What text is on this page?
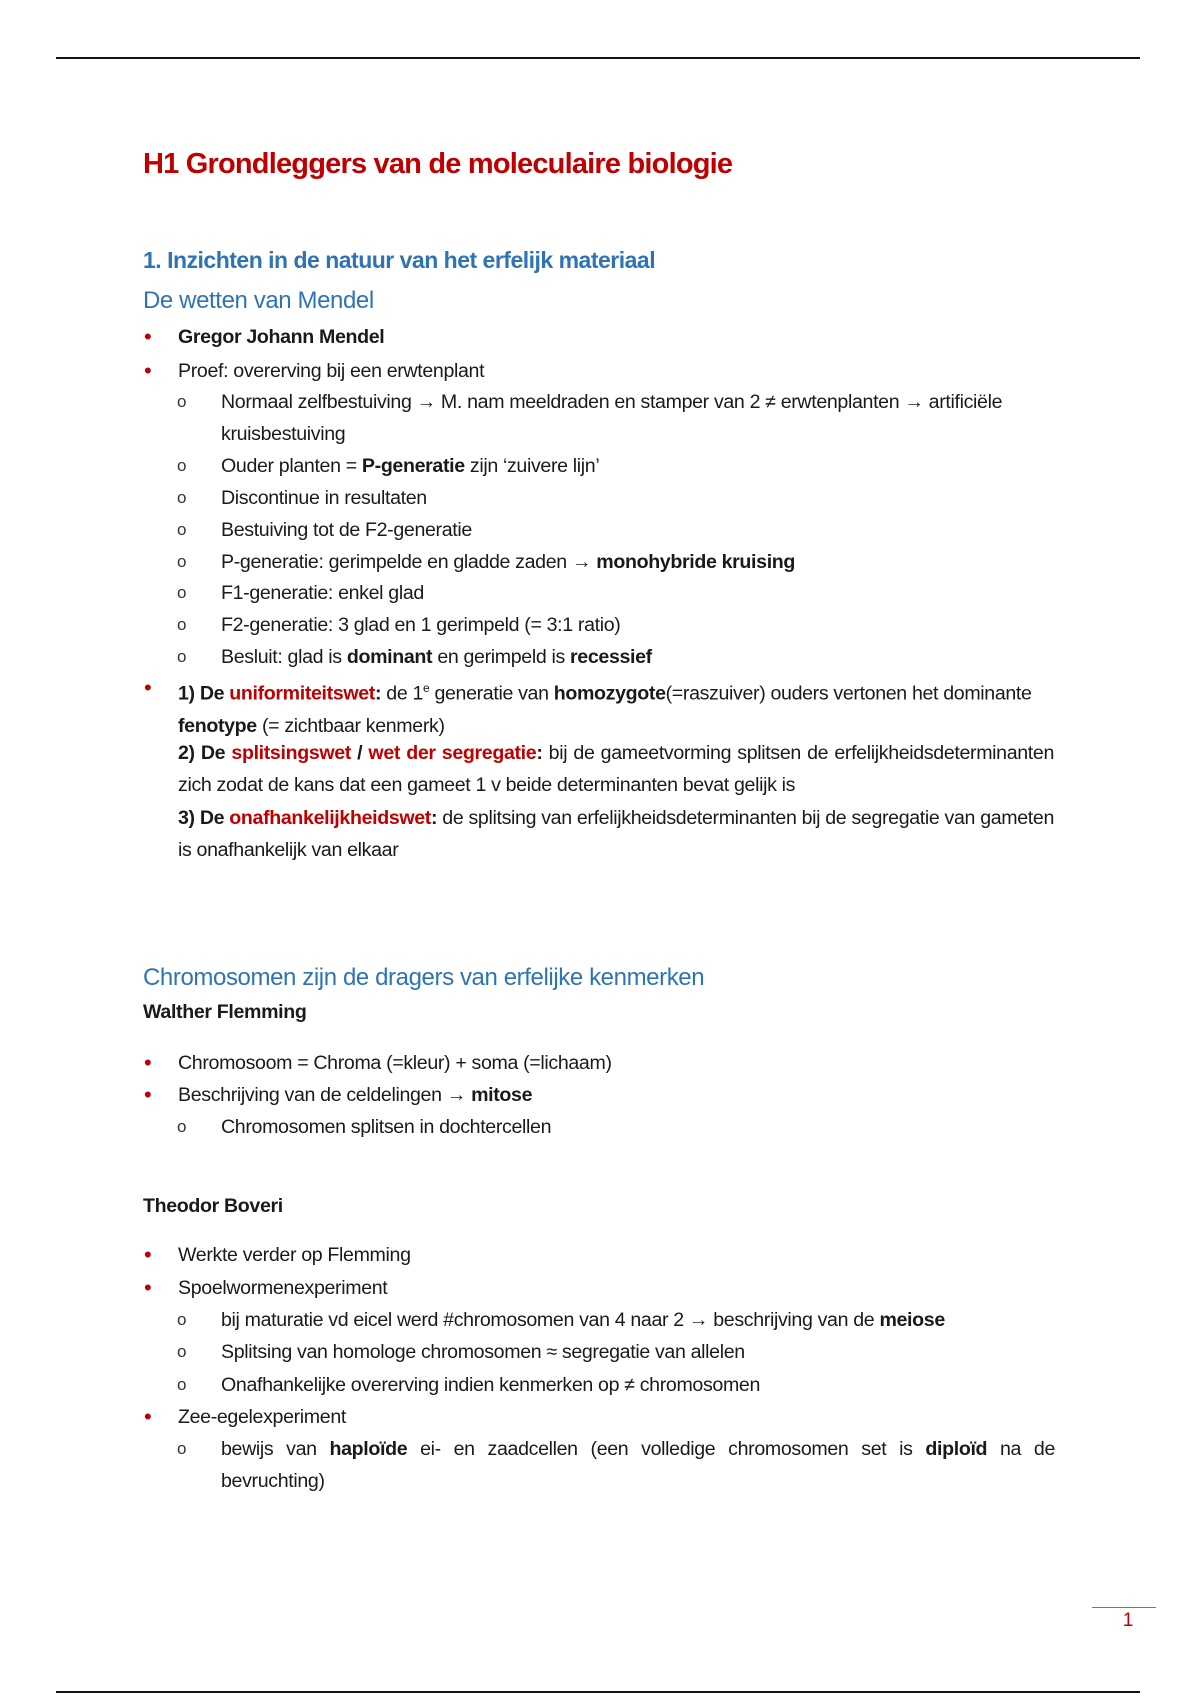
H1 Grondleggers van de moleculaire biologie
1. Inzichten in de natuur van het erfelijk materiaal
De wetten van Mendel
• Gregor Johann Mendel
• Proef: overerving bij een erwtenplant
o Normaal zelfbestuiving → M. nam meeldraden en stamper van 2 ≠ erwtenplanten → artificiële kruisbestuiving
o Ouder planten = P-generatie zijn ‘zuivere lijn’
o Discontinue in resultaten
o Bestuiving tot de F2-generatie
o P-generatie: gerimpelde en gladde zaden → monohybride kruising
o F1-generatie: enkel glad
o F2-generatie: 3 glad en 1 gerimpeld (= 3:1 ratio)
o Besluit: glad is dominant en gerimpeld is recessief
• 1) De uniformiteitswet: de 1e generatie van homozygote(=raszuiver) ouders vertonen het dominante fenotype (= zichtbaar kenmerk)
2) De splitsingswet / wet der segregatie: bij de gameetvorming splitsen de erfelijkheidsdeterminanten zich zodat de kans dat een gameet 1 v beide determinanten bevat gelijk is
3) De onafhankelijkheidswet: de splitsing van erfelijkheidsdeterminanten bij de segregatie van gameten is onafhankelijk van elkaar
Chromosomen zijn de dragers van erfelijke kenmerken
Walther Flemming
• Chromosoom = Chroma (=kleur) + soma (=lichaam)
• Beschrijving van de celdelingen → mitose
o Chromosomen splitsen in dochtercellen
Theodor Boveri
• Werkte verder op Flemming
• Spoelwormenexperiment
o bij maturatie vd eicel werd #chromosomen van 4 naar 2 → beschrijving van de meiose
o Splitsing van homologe chromosomen ≈ segregatie van allelen
o Onafhankelijke overerving indien kenmerken op ≠ chromosomen
• Zee-egelexperiment
o bewijs van haploïde ei- en zaadcellen (een volledige chromosomen set is diploïd na de bevruchting)
1
